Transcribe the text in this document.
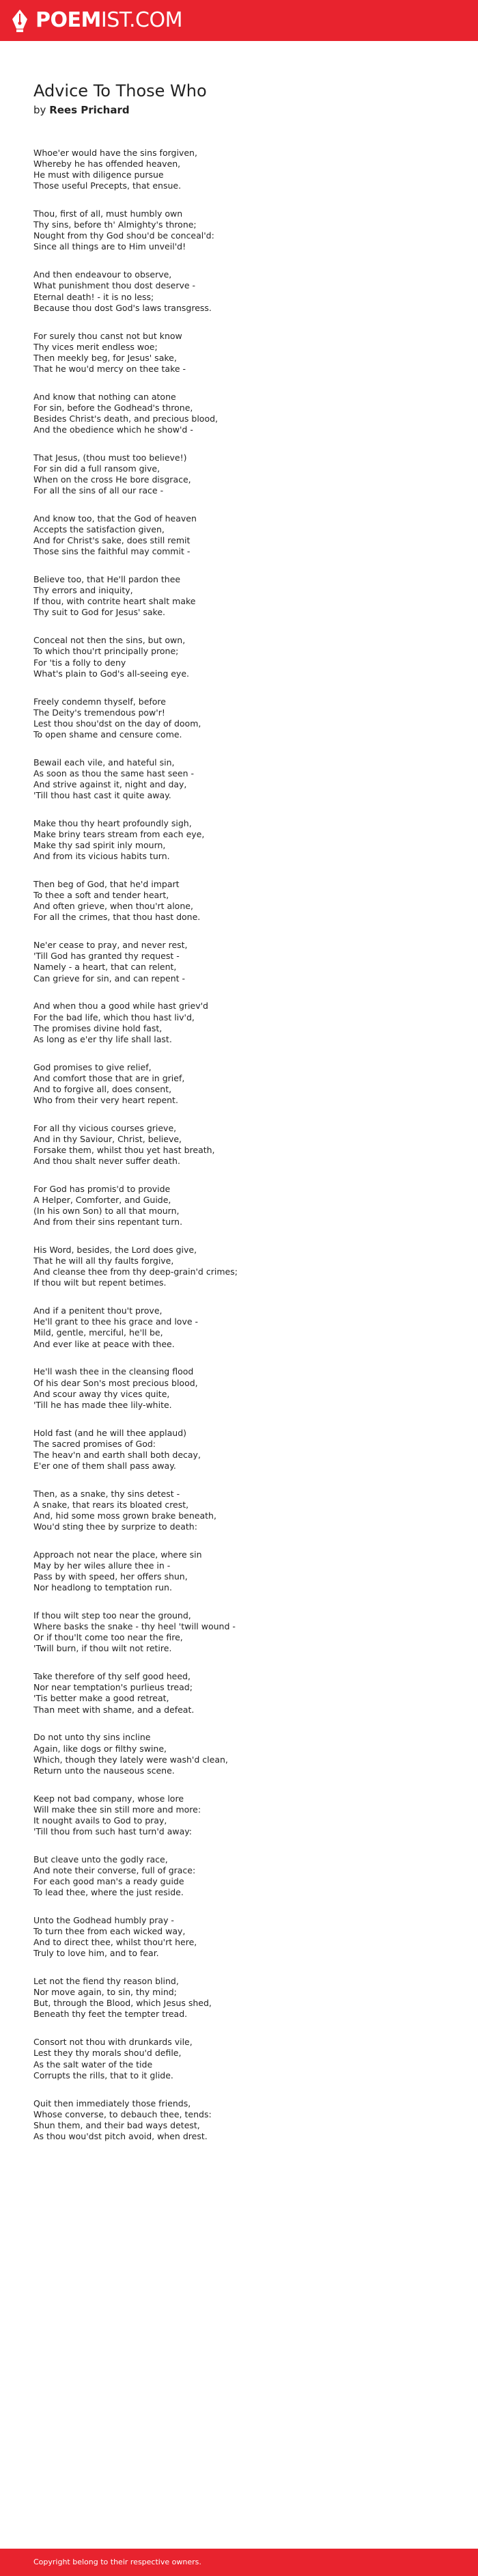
POEMIST.COM
Advice To Those Who
by Rees Prichard
Whoe'er would have the sins forgiven,
Whereby he has offended heaven,
He must with diligence pursue
Those useful Precepts, that ensue.
Thou, first of all, must humbly own
Thy sins, before th' Almighty's throne;
Nought from thy God shou'd be conceal'd:
Since all things are to Him unveil'd!
And then endeavour to observe,
What punishment thou dost deserve -
Eternal death! - it is no less;
Because thou dost God's laws transgress.
For surely thou canst not but know
Thy vices merit endless woe;
Then meekly beg, for Jesus' sake,
That he wou'd mercy on thee take -
And know that nothing can atone
For sin, before the Godhead's throne,
Besides Christ's death, and precious blood,
And the obedience which he show'd -
That Jesus, (thou must too believe!)
For sin did a full ransom give,
When on the cross He bore disgrace,
For all the sins of all our race -
And know too, that the God of heaven
Accepts the satisfaction given,
And for Christ's sake, does still remit
Those sins the faithful may commit -
Believe too, that He'll pardon thee
Thy errors and iniquity,
If thou, with contrite heart shalt make
Thy suit to God for Jesus' sake.
Conceal not then the sins, but own,
To which thou'rt principally prone;
For 'tis a folly to deny
What's plain to God's all-seeing eye.
Freely condemn thyself, before
The Deity's tremendous pow'r!
Lest thou shou'dst on the day of doom,
To open shame and censure come.
Bewail each vile, and hateful sin,
As soon as thou the same hast seen -
And strive against it, night and day,
'Till thou hast cast it quite away.
Make thou thy heart profoundly sigh,
Make briny tears stream from each eye,
Make thy sad spirit inly mourn,
And from its vicious habits turn.
Then beg of God, that he'd impart
To thee a soft and tender heart,
And often grieve, when thou'rt alone,
For all the crimes, that thou hast done.
Ne'er cease to pray, and never rest,
'Till God has granted thy request -
Namely - a heart, that can relent,
Can grieve for sin, and can repent -
And when thou a good while hast griev'd
For the bad life, which thou hast liv'd,
The promises divine hold fast,
As long as e'er thy life shall last.
God promises to give relief,
And comfort those that are in grief,
And to forgive all, does consent,
Who from their very heart repent.
For all thy vicious courses grieve,
And in thy Saviour, Christ, believe,
Forsake them, whilst thou yet hast breath,
And thou shalt never suffer death.
For God has promis'd to provide
A Helper, Comforter, and Guide,
(In his own Son) to all that mourn,
And from their sins repentant turn.
His Word, besides, the Lord does give,
That he will all thy faults forgive,
And cleanse thee from thy deep-grain'd crimes;
If thou wilt but repent betimes.
And if a penitent thou't prove,
He'll grant to thee his grace and love -
Mild, gentle, merciful, he'll be,
And ever like at peace with thee.
He'll wash thee in the cleansing flood
Of his dear Son's most precious blood,
And scour away thy vices quite,
'Till he has made thee lily-white.
Hold fast (and he will thee applaud)
The sacred promises of God:
The heav'n and earth shall both decay,
E'er one of them shall pass away.
Then, as a snake, thy sins detest -
A snake, that rears its bloated crest,
And, hid some moss grown brake beneath,
Wou'd sting thee by surprize to death:
Approach not near the place, where sin
May by her wiles allure thee in -
Pass by with speed, her offers shun,
Nor headlong to temptation run.
If thou wilt step too near the ground,
Where basks the snake - thy heel 'twill wound -
Or if thou'lt come too near the fire,
'Twill burn, if thou wilt not retire.
Take therefore of thy self good heed,
Nor near temptation's purlieus tread;
'Tis better make a good retreat,
Than meet with shame, and a defeat.
Do not unto thy sins incline
Again, like dogs or filthy swine,
Which, though they lately were wash'd clean,
Return unto the nauseous scene.
Keep not bad company, whose lore
Will make thee sin still more and more:
It nought avails to God to pray,
'Till thou from such hast turn'd away:
But cleave unto the godly race,
And note their converse, full of grace:
For each good man's a ready guide
To lead thee, where the just reside.
Unto the Godhead humbly pray -
To turn thee from each wicked way,
And to direct thee, whilst thou'rt here,
Truly to love him, and to fear.
Let not the fiend thy reason blind,
Nor move again, to sin, thy mind;
But, through the Blood, which Jesus shed,
Beneath thy feet the tempter tread.
Consort not thou with drunkards vile,
Lest they thy morals shou'd defile,
As the salt water of the tide
Corrupts the rills, that to it glide.
Quit then immediately those friends,
Whose converse, to debauch thee, tends:
Shun them, and their bad ways detest,
As thou wou'dst pitch avoid, when drest.
Copyright belong to their respective owners.
